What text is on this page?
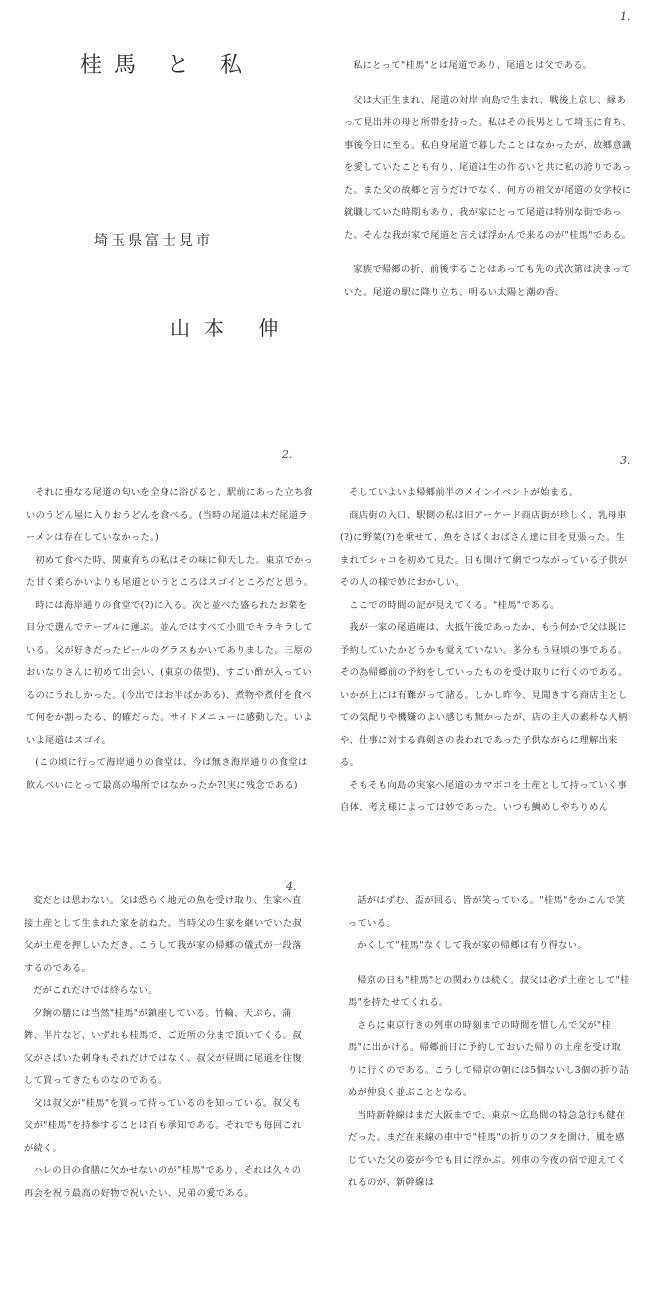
桂馬 と 私
埼玉県富士見市
山本 伸
1.

私にとって"桂馬"とは尾道であり、尾道とは父である。

父は大正生まれ、尾道の対岸 向島で生まれ、戦後上京し、縁あって見出丼の母と所帯を持った。私はその長男として埼玉に育ち、事後今日に至る。私自身尾道で暮したことはなかったが、故郷意識を愛していたことも有り、尾道は生の作るいと共に私の誇りであった。また父の故郷と言うだけでなく、何方の祖父が尾道の女学校に就職していた時期もあり、我が家にとって尾道は特別な街であった。そんな我が家で尾道と言えば浮かんで来るのが"桂馬"である。

家族で帰郷の折、前後することはあっても先の式次第は決まっていた。尾道の駅に降り立ち、明るい太陽と潮の香、

2.

それに重なる尾道の匂いを全身に浴びると、駅前にあった立ち食いのうどん屋に入りおうどんを食べる。(当時の尾道は未だ尾道ラーメンは存在していなかった。)

初めて食べた時、関東育ちの私はその味に仰天した。東京でかった甘く柔らかいよりも尾道というところはスゴイところだと思う。

時には海岸通りの食堂で(?)に入る。次と並べた盛られたお菜を目分で選んでテーブルに運ぶ。並んではすべて小皿でキラキラしている。父が好きだったビールのグラスもかいてありました。三原のおいなりさんに初めて出会い、(東京の俵型)、すごい酢が入っているのにうれしかった。(今出ではお半ばかある)、煮物や煮付を食べて何をか割ったる、的確だった。サイドメニューに感動した。いよいよ尾道はスゴイ。

(この頃に行って海岸通りの食堂は、今は無き海岸通りの食堂は飲んべいにとって最高の場所ではなかったか?!実に残念である)

3.

そしていよいよ帰郷前半のメインイベントが始まる。

商店街の入口、駅側の私は旧アーケード商店街が珍しく、乳母車(?)に野菜(?)を乗せて、魚をさばくおばさん達に目を見張った。生まれてシャコを初めて見た。日も開けて網でつながっている子供がその人の様で妙におかしい。

ここでの時間の記が見えてくる。"桂馬"である。

我が一家の尾道庵は、大抵午後であったか、もう何かで父は既に予約していたかどうかも覚えていない。多分もう昼頃の事である。その為帰郷前の予約をしていったものを受け取りに行くのである。いかが上には有難がって諸る。しかし昨今、見聞きする商店主としての気配りや機嫌のよい感じも無かったが、店の主人の素朴な人柄や、仕事に対する真剣さの表われであった子供ながらに理解出来る。

そもそも向島の実家へ尾道のカマボコを土産として持っていく事自体、考え様によっては妙であった。いつも鯛めしやちりめん

4.

変だとは思わない。父は恐らく地元の魚を受け取り、生家へ直接土産として生まれた家を訪ねた。当時父の生家を継いでいた叔父が土産を押しいただき、こうして我が家の帰郷の儀式が一段落するのである。

だがこれだけでは終らない。

夕餉の膳には当然"桂馬"が鎮座している。竹輪、天ぷら、蒲鉾、半片など、いずれも桂馬で、ご近所の分まで頂いてくる。叔父がさばいた刺身もそれだけではなく、叔父が昼間に尾道を往復して買ってきたものなのである。

父は叔父が"桂馬"を買って待っているのを知っている。叔父も父が"桂馬"を持参することは百も承知である。それでも毎回これが続く。

ハレの日の食膳に欠かせないのが"桂馬"であり、それは久々の再会を祝う最高の好物で祝いたい、兄弟の愛である。

話がはずむ、盃が回る、皆が笑っている。"桂馬"をかこんで笑っている。

かくして"桂馬"なくして我が家の帰郷は有り得ない。

帰京の日も"桂馬"との関わりは続く。叔父は必ず土産として"桂馬"を持たせてくれる。

さらに東京行きの列車の時刻までの時間を惜しんで父が"桂馬"に出かける。帰郷前日に予約しておいた帰りの土産を受け取りに行くのである。こうして帰京の朝には5個ないし3個の折り詰めが仲良く並ぶこととなる。

当時新幹線はまだ大阪までで、東京〜広島間の特急急行も健在だった。まだ在来線の車中で"桂馬"の折りのフタを開け、風を感じていた父の姿が今でも目に浮かぶ。列車の今夜の宿で迎えてくれるのが、新幹線は
